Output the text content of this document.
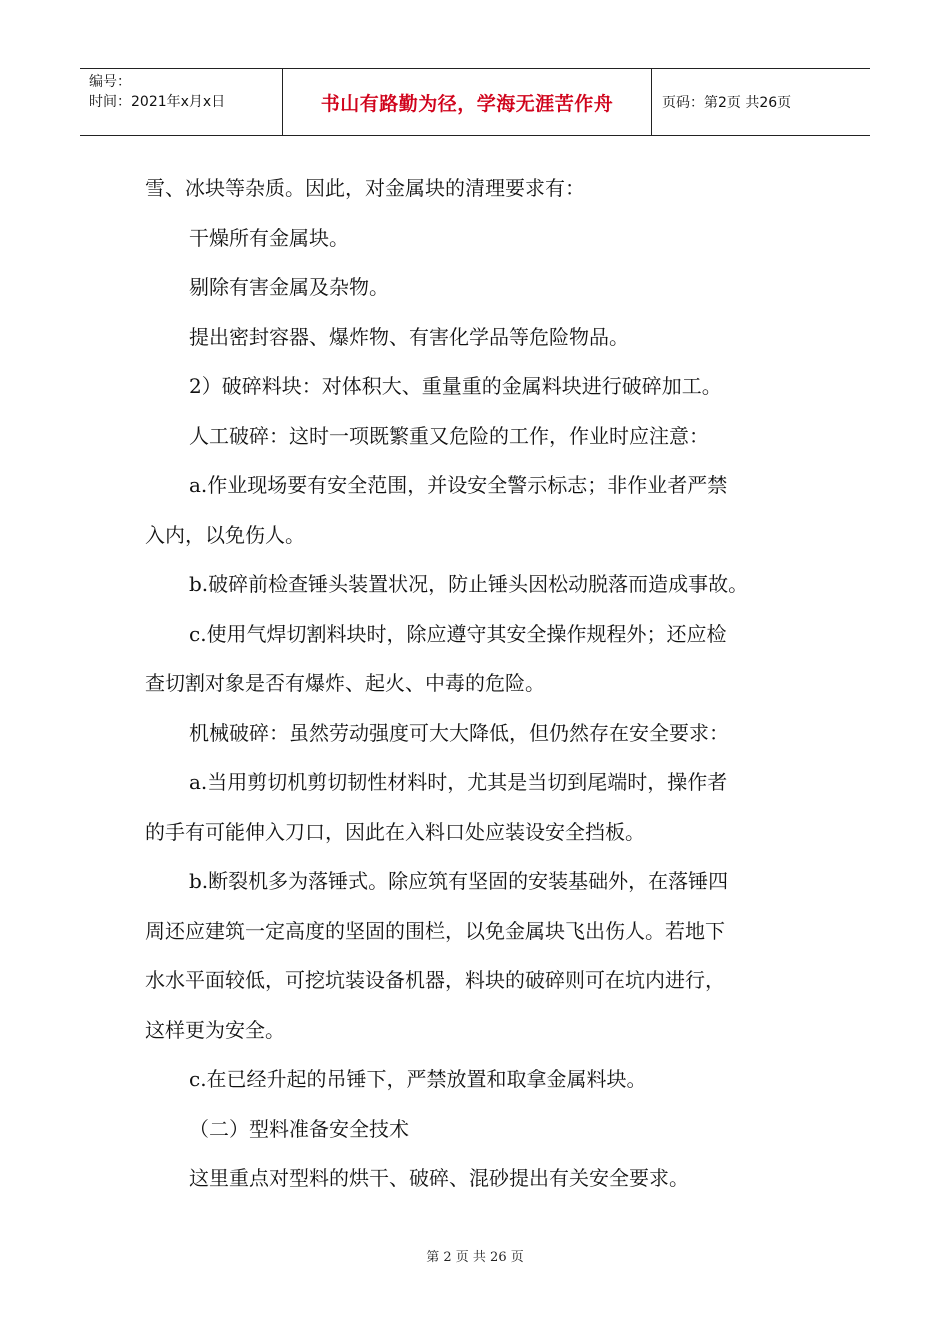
编号：
时间：2021年x月x日	书山有路勤为径，学海无涯苦作舟	页码：第2页 共26页

雪、冰块等杂质。因此，对金属块的清理要求有：

干燥所有金属块。

剔除有害金属及杂物。

提出密封容器、爆炸物、有害化学品等危险物品。

2）破碎料块：对体积大、重量重的金属料块进行破碎加工。

人工破碎：这时一项既繁重又危险的工作，作业时应注意：

a.作业现场要有安全范围，并设安全警示标志；非作业者严禁

入内，以免伤人。

b.破碎前检查锤头装置状况，防止锤头因松动脱落而造成事故。

c.使用气焊切割料块时，除应遵守其安全操作规程外；还应检

查切割对象是否有爆炸、起火、中毒的危险。

机械破碎：虽然劳动强度可大大降低，但仍然存在安全要求：

a.当用剪切机剪切韧性材料时，尤其是当切到尾端时，操作者

的手有可能伸入刀口，因此在入料口处应装设安全挡板。

b.断裂机多为落锤式。除应筑有坚固的安装基础外，在落锤四

周还应建筑一定高度的坚固的围栏，以免金属块飞出伤人。若地下

水水平面较低，可挖坑装设备机器，料块的破碎则可在坑内进行，

这样更为安全。

c.在已经升起的吊锤下，严禁放置和取拿金属料块。

（二）型料准备安全技术

这里重点对型料的烘干、破碎、混砂提出有关安全要求。

第 2 页 共 26 页
